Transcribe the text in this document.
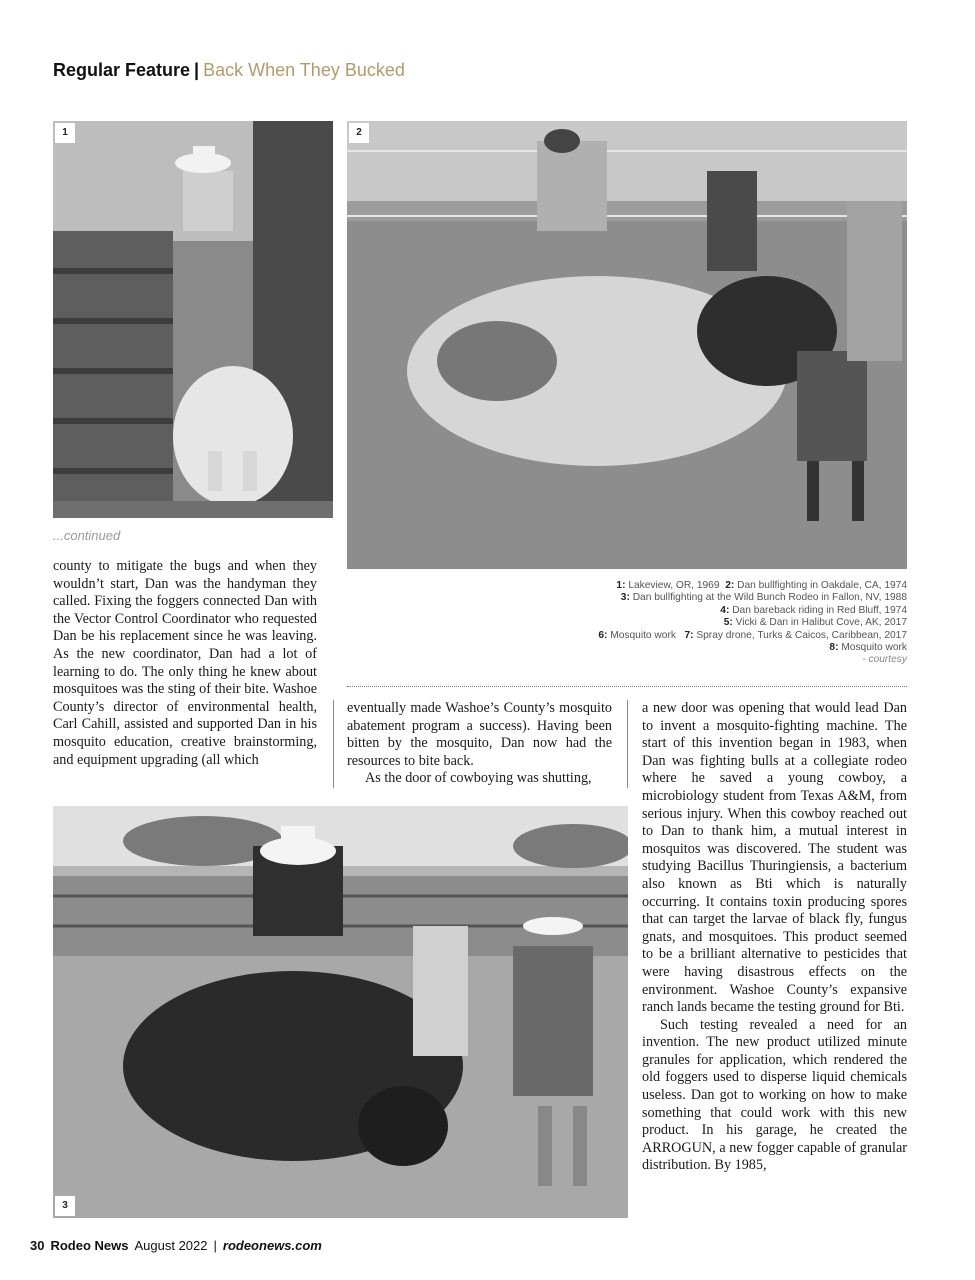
Regular Feature | Back When They Bucked
1	2
...continued

county to mitigate the bugs and when they wouldn’t start, Dan was the handyman they called. Fixing the foggers connected Dan with the Vector Control Coordinator who requested Dan be his replacement since he was leaving. As the new coordinator, Dan had a lot of learning to do. The only thing he knew about mosquitoes was the sting of their bite. Washoe County’s director of environmental health, Carl Cahill, assisted and supported Dan in his mosquito education, creative brainstorming, and equipment upgrading (all which

1: Lakeview, OR, 1969 2: Dan bullfighting in Oakdale, CA, 1974
3: Dan bullfighting at the Wild Bunch Rodeo in Fallon, NV, 1988
4: Dan bareback riding in Red Bluff, 1974
5: Vicki & Dan in Halibut Cove, AK, 2017
6: Mosquito work 7: Spray drone, Turks & Caicos, Caribbean, 2017
8: Mosquito work
- courtesy

eventually made Washoe’s County’s mosquito abatement program a success). Having been bitten by the mosquito, Dan now had the resources to bite back.

As the door of cowboying was shutting,

3

a new door was opening that would lead Dan to invent a mosquito-fighting machine. The start of this invention began in 1983, when Dan was fighting bulls at a collegiate rodeo where he saved a young cowboy, a microbiology student from Texas A&M, from serious injury. When this cowboy reached out to Dan to thank him, a mutual interest in mosquitos was discovered. The student was studying Bacillus Thuringiensis, a bacterium also known as Bti which is naturally occurring. It contains toxin producing spores that can target the larvae of black fly, fungus gnats, and mosquitoes. This product seemed to be a brilliant alternative to pesticides that were having disastrous effects on the environment. Washoe County’s expansive ranch lands became the testing ground for Bti.

Such testing revealed a need for an invention. The new product utilized minute granules for application, which rendered the old foggers used to disperse liquid chemicals useless. Dan got to working on how to make something that could work with this new product. In his garage, he created the ARROGUN, a new fogger capable of granular distribution. By 1985,

30 Rodeo News August 2022 | rodeonews.com
